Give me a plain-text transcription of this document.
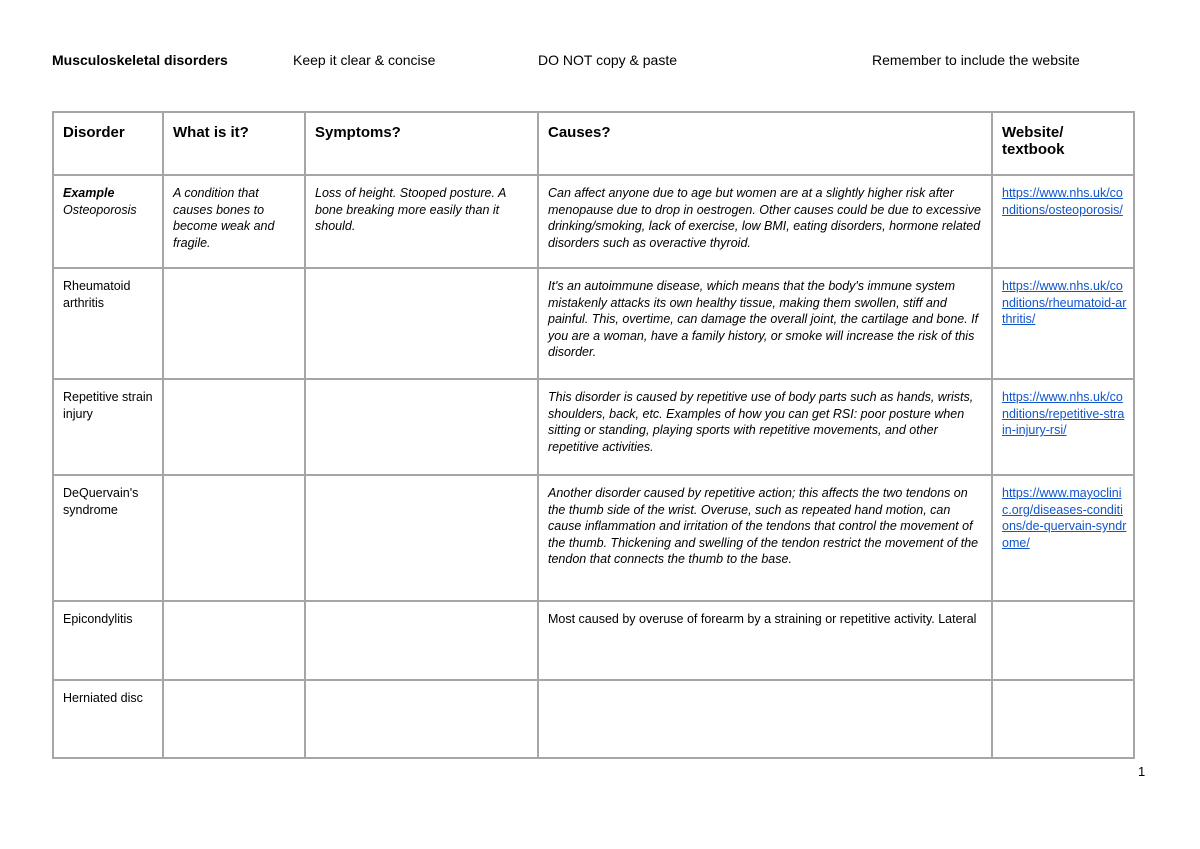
Musculoskeletal disorders	Keep it clear & concise	DO NOT copy & paste	Remember to include the website
Disorder	What is it?	Symptoms?	Causes?	Website/ textbook

Example
Osteoporosis	A condition that causes bones to become weak and fragile.	Loss of height. Stooped posture. A bone breaking more easily than it should.	Can affect anyone due to age but women are at a slightly higher risk after menopause due to drop in oestrogen. Other causes could be due to excessive drinking/smoking, lack of exercise, low BMI, eating disorders, hormone related disorders such as overactive thyroid.	https://www.nhs.uk/conditions/osteoporosis/
Rheumatoid arthritis			It's an autoimmune disease, which means that the body's immune system mistakenly attacks its own healthy tissue, making them swollen, stiff and painful. This, overtime, can damage the overall joint, the cartilage and bone. If you are a woman, have a family history, or smoke will increase the risk of this disorder.	https://www.nhs.uk/conditions/rheumatoid-arthritis/
Repetitive strain injury			This disorder is caused by repetitive use of body parts such as hands, wrists, shoulders, back, etc. Examples of how you can get RSI: poor posture when sitting or standing, playing sports with repetitive movements, and other repetitive activities.	https://www.nhs.uk/conditions/repetitive-strain-injury-rsi/
DeQuervain's syndrome			Another disorder caused by repetitive action; this affects the two tendons on the thumb side of the wrist. Overuse, such as repeated hand motion, can cause inflammation and irritation of the tendons that control the movement of the thumb. Thickening and swelling of the tendon restrict the movement of the tendon that connects the thumb to the base.	https://www.mayoclinic.org/diseases-conditions/de-quervain-syndrome/
Epicondylitis			Most caused by overuse of forearm by a straining or repetitive activity. Lateral	
Herniated disc				
1
